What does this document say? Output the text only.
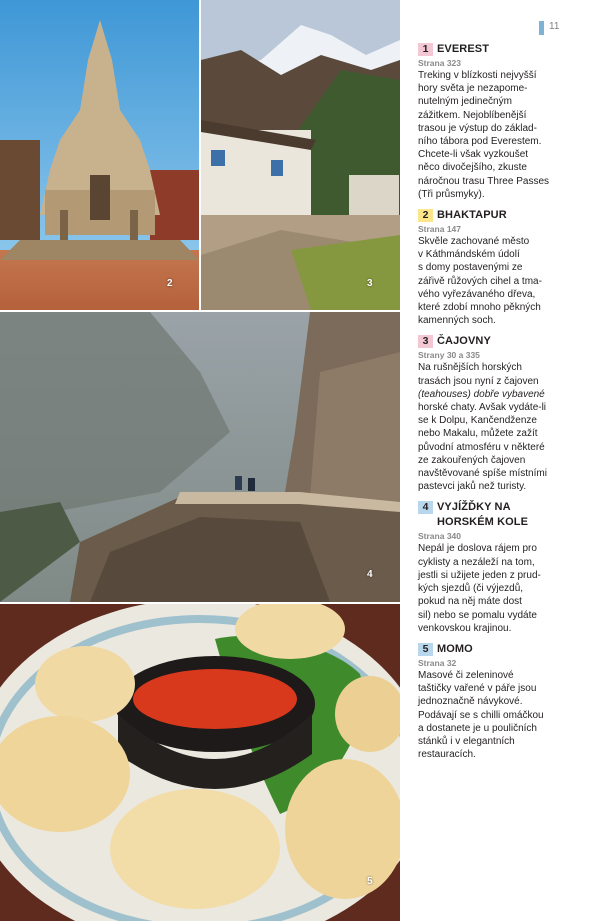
2	3
4
5
11
1 EVEREST
Strana 323
Treking v blízkosti nejvyšší
hory světa je nezapome-
nutelným jedinečným
zážitkem. Nejoblíbenější
trasou je výstup do základ-
ního tábora pod Everestem.
Chcete-li však vyzkoušet
něco divočejšího, zkuste
náročnou trasu Three Passes
(Tři průsmyky).
2 BHAKTAPUR
Strana 147
Skvěle zachované město
v Káthmándském údolí
s domy postavenými ze
zářivě růžových cihel a tma-
vého vyřezávaného dřeva,
které zdobí mnoho pěkných
kamenných soch.
3 ČAJOVNY
Strany 30 a 335
Na rušnějších horských
trasách jsou nyní z čajoven
(teahouses) dobře vybavené
horské chaty. Avšak vydáte-li
se k Dolpu, Kančendženze
nebo Makalu, můžete zažít
původní atmosféru v některé
ze zakouřených čajoven
navštěvované spíše místními
pastevci jaků než turisty.
4 VYJÍŽĎKY NA
HORSKÉM KOLE
Strana 340
Nepál je doslova rájem pro
cyklisty a nezáleží na tom,
jestli si užijete jeden z prud-
kých sjezdů (či výjezdů,
pokud na něj máte dost
sil) nebo se pomalu vydáte
venkovskou krajinou.
5 MOMO
Strana 32
Masové či zeleninové
taštičky vařené v páře jsou
jednoznačně návykové.
Podávají se s chilli omáčkou
a dostanete je u pouličních
stánků i v elegantních
restauracích.
